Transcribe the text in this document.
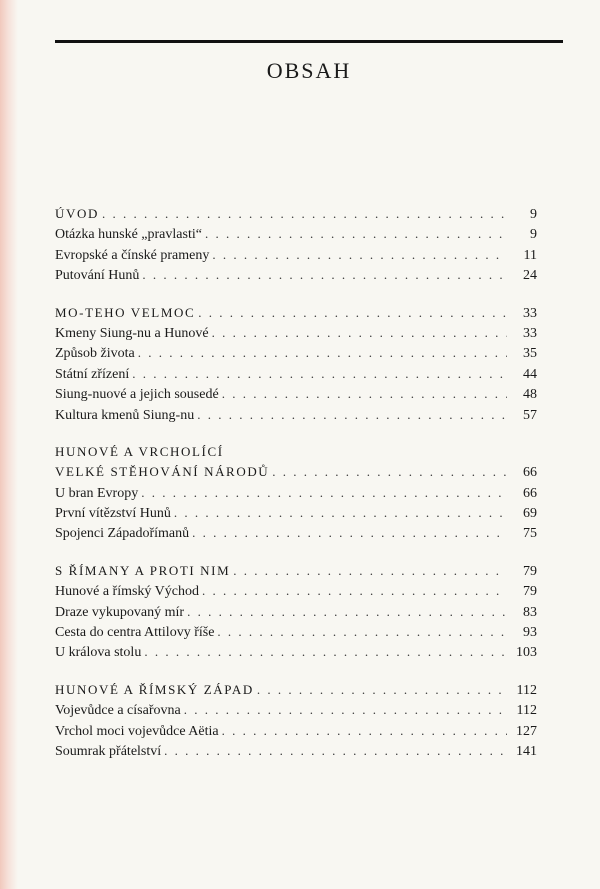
OBSAH
ÚVOD . . .	9
Otázka hunské „pravlasti“ . . .	9
Evropské a čínské prameny . . .	11
Putování Hunů . . .	24
MO-TEHO VELMOC . . .	33
Kmeny Siung-nu a Hunové . . .	33
Způsob života . . .	35
Státní zřízení . . .	44
Siung-nuové a jejich sousedé . . .	48
Kultura kmenů Siung-nu . . .	57
HUNOVÉ A VRCHOLÍCÍ
VELKÉ STĚHOVÁNÍ NÁRODŮ . . .	66
U bran Evropy . . .	66
První vítězství Hunů . . .	69
Spojenci Západořímanů . . .	75
S ŘÍMANY A PROTI NIM . . .	79
Hunové a římský Východ . . .	79
Draze vykupovaný mír . . .	83
Cesta do centra Attilovy říše . . .	93
U králova stolu . . .	103
HUNOVÉ A ŘÍMSKÝ ZÁPAD . . .	112
Vojevůdce a císařovna . . .	112
Vrchol moci vojevůdce Aëtia . . .	127
Soumrak přátelství . . .	141
